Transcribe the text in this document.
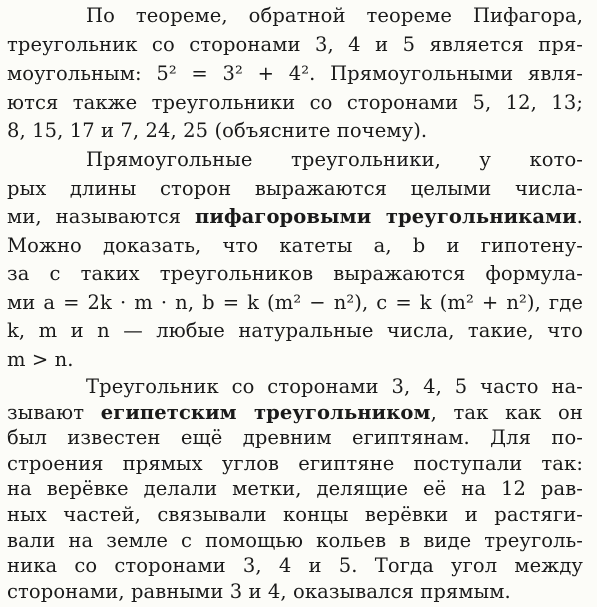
По теореме, обратной теореме Пифагора,
треугольник со сторонами 3, 4 и 5 является пря-
моугольным: 5² = 3² + 4². Прямоугольными явля-
ются также треугольники со сторонами 5, 12, 13;
8, 15, 17 и 7, 24, 25 (объясните почему).
Прямоугольные треугольники, у кото-
рых длины сторон выражаются целыми числа-
ми, называются пифагоровыми треугольниками.
Можно доказать, что катеты a, b и гипотену-
за c таких треугольников выражаются формула-
ми a = 2k · m · n, b = k (m² − n²), c = k (m² + n²), где
k, m и n — любые натуральные числа, такие, что
m > n.
Треугольник со сторонами 3, 4, 5 часто на-
зывают египетским треугольником, так как он
был известен ещё древним египтянам. Для по-
строения прямых углов египтяне поступали так:
на верёвке делали метки, делящие её на 12 рав-
ных частей, связывали концы верёвки и растяги-
вали на земле с помощью кольев в виде треуголь-
ника со сторонами 3, 4 и 5. Тогда угол между
сторонами, равными 3 и 4, оказывался прямым.
